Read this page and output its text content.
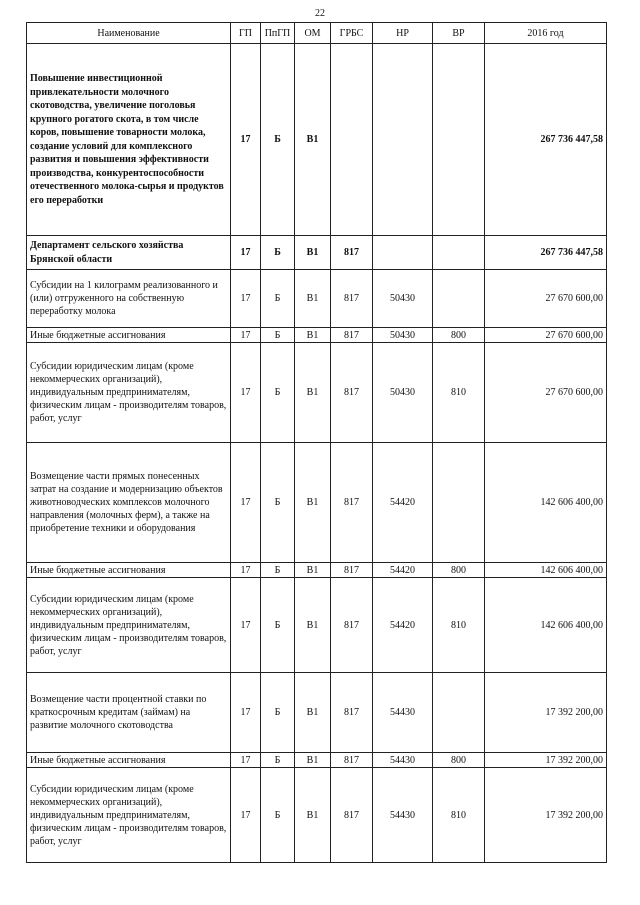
22
Наименование	ГП	ПпГП	ОМ	ГРБС	НР	ВР	2016 год
Повышение инвестиционной привлекательности молочного скотоводства, увеличение поголовья крупного рогатого скота, в том числе коров, повышение товарности молока, создание условий для комплексного развития и повышения эффективности производства, конкурентоспособности отечественного молока-сырья и продуктов его переработки	17	Б	В1				267 736 447,58
Департамент сельского хозяйства Брянской области	17	Б	В1	817			267 736 447,58
Субсидии на 1 килограмм реализованного и (или) отгруженного на собственную переработку молока	17	Б	В1	817	50430		27 670 600,00
Иные бюджетные ассигнования	17	Б	В1	817	50430	800	27 670 600,00
Субсидии юридическим лицам (кроме некоммерческих организаций), индивидуальным предпринимателям, физическим лицам - производителям товаров, работ, услуг	17	Б	В1	817	50430	810	27 670 600,00
Возмещение части прямых понесенных затрат на создание и модернизацию объектов животноводческих комплексов молочного направления (молочных ферм), а также на приобретение техники и оборудования	17	Б	В1	817	54420		142 606 400,00
Иные бюджетные ассигнования	17	Б	В1	817	54420	800	142 606 400,00
Субсидии юридическим лицам (кроме некоммерческих организаций), индивидуальным предпринимателям, физическим лицам - производителям товаров, работ, услуг	17	Б	В1	817	54420	810	142 606 400,00
Возмещение части процентной ставки по краткосрочным кредитам (займам) на развитие молочного скотоводства	17	Б	В1	817	54430		17 392 200,00
Иные бюджетные ассигнования	17	Б	В1	817	54430	800	17 392 200,00
Субсидии юридическим лицам (кроме некоммерческих организаций), индивидуальным предпринимателям, физическим лицам - производителям товаров, работ, услуг	17	Б	В1	817	54430	810	17 392 200,00
